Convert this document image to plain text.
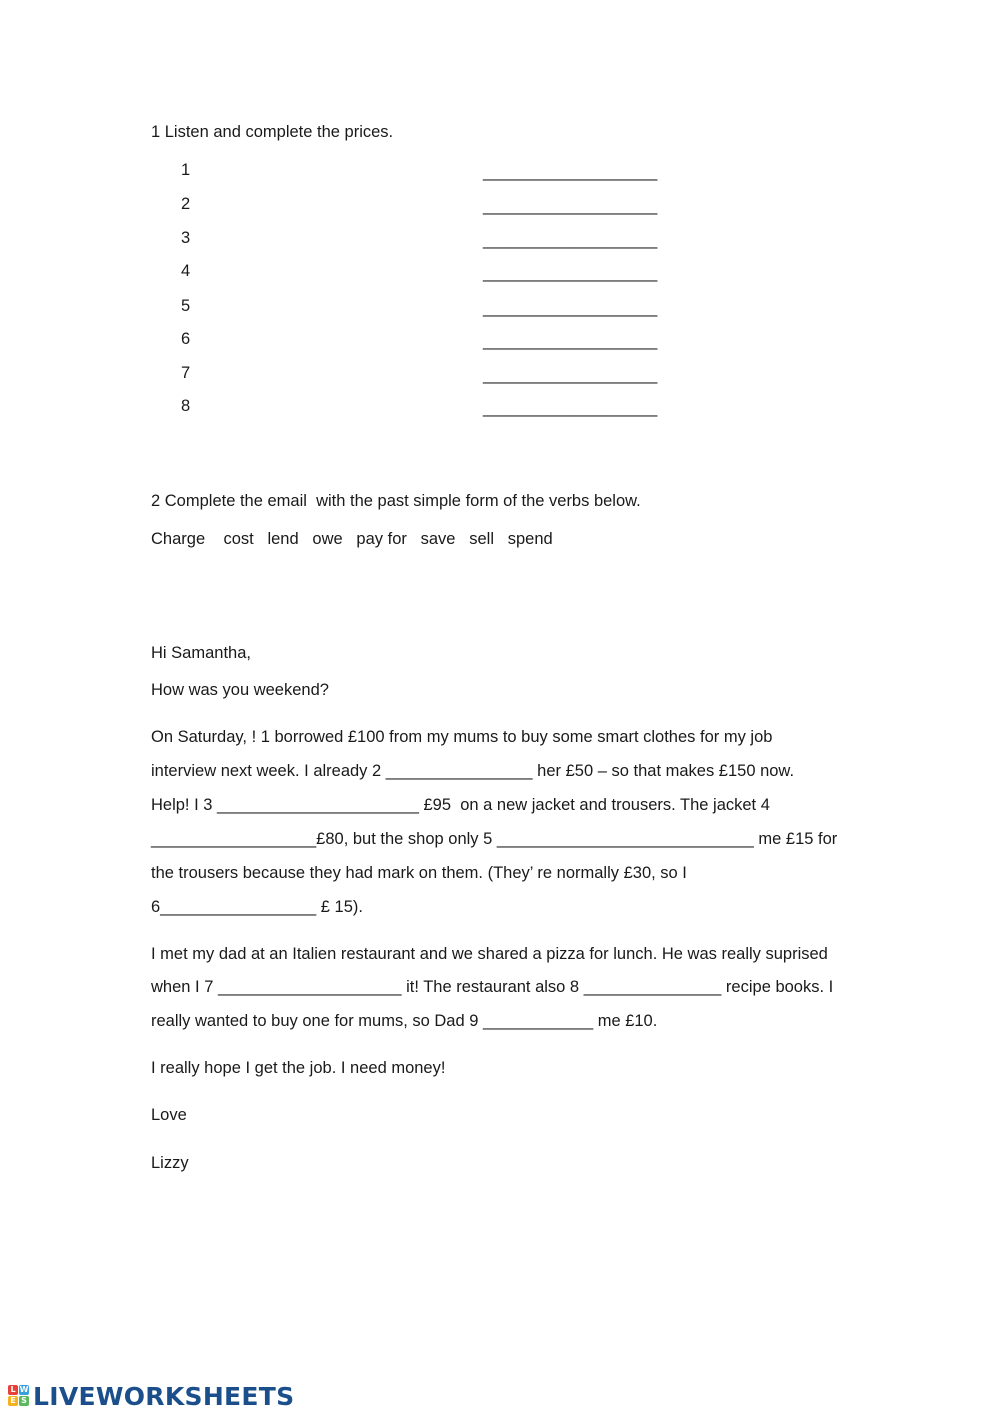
1 Listen and complete the prices.
1	___________________
2	___________________
3	___________________
4	___________________
5	___________________
6	___________________
7	___________________
8	___________________
2 Complete the email  with the past simple form of the verbs below.
Charge    cost   lend   owe   pay for   save   sell   spend
Hi Samantha,
How was you weekend?
On Saturday, ! 1 borrowed £100 from my mums to buy some smart clothes for my job
interview next week. I already 2 ________________ her £50 – so that makes £150 now.
Help! I 3 ______________________ £95  on a new jacket and trousers. The jacket 4
__________________£80, but the shop only 5 ____________________________ me £15 for
the trousers because they had mark on them. (They’ re normally £30, so I
6_________________ £ 15).
I met my dad at an Italien restaurant and we shared a pizza for lunch. He was really suprised
when I 7 ____________________ it! The restaurant also 8 _______________ recipe books. I
really wanted to buy one for mums, so Dad 9 ____________ me £10.
I really hope I get the job. I need money!
Love
Lizzy
L W
E S LIVEWORKSHEETS
